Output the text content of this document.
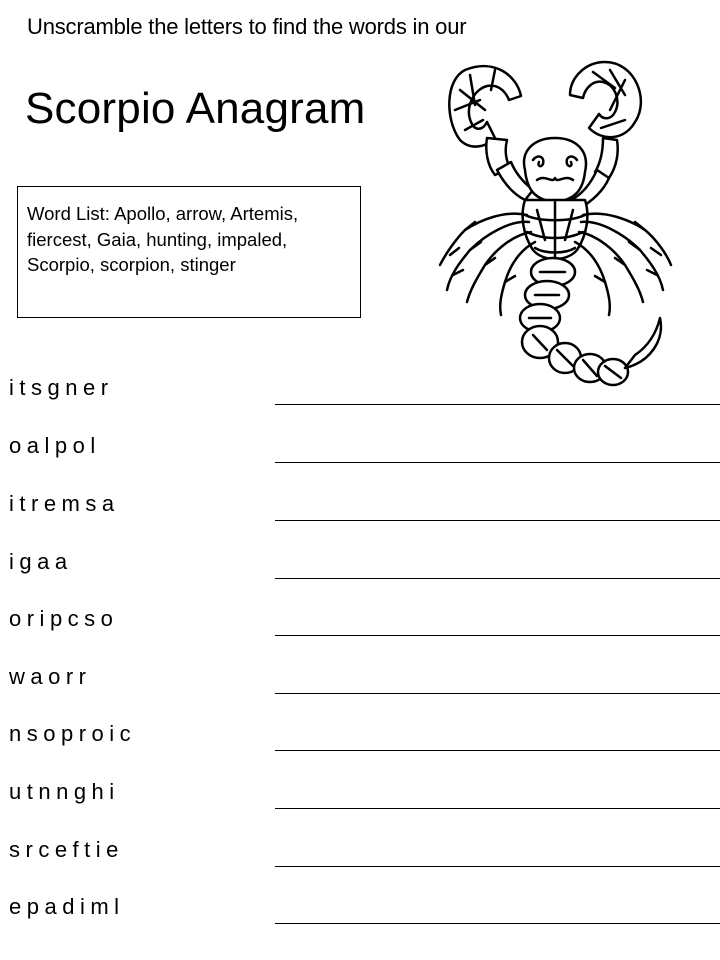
Unscramble the letters to find the words in our
Scorpio Anagram
Word List: Apollo, arrow, Artemis, fiercest, Gaia, hunting, impaled, Scorpio, scorpion, stinger
itsgner
oalpol
itremsa
igaa
oripcso
waorr
nsoproic
utnnghi
srceftie
epadiml
